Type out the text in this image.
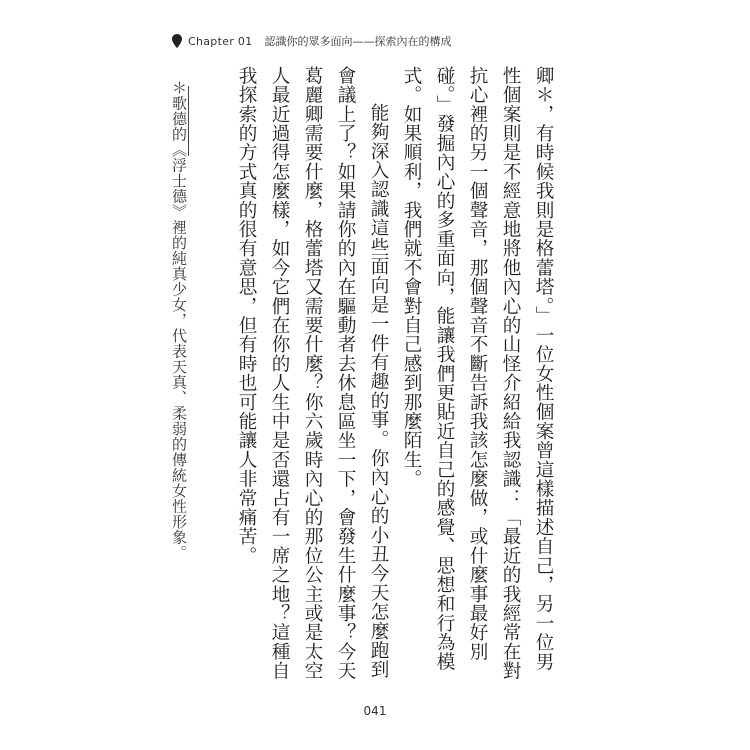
Chapter 01 認識你的眾多面向——探索內在的構成
＊歌德的《浮士德》裡的純真少女，代表天真、柔弱的傳統女性形象。	卿＊，有時候我則是格蕾塔。」一位女性個案曾這樣描述自己，另一位男性個案則是不經意地將他內心的山怪介紹給我認識：「最近的我經常在對抗心裡的另一個聲音，那個聲音不斷告訴我該怎麼做，或什麼事最好別碰。」發掘內心的多重面向，能讓我們更貼近自己的感覺、思想和行為模式。如果順利，我們就不會對自己感到那麼陌生。

能夠深入認識這些面向是一件有趣的事。你內心的小丑今天怎麼跑到會議上了？如果請你的內在驅動者去休息區坐一下，會發生什麼事？今天葛麗卿需要什麼，格蕾塔又需要什麼？你六歲時內心的那位公主或是太空人最近過得怎麼樣，如今它們在你的人生中是否還占有一席之地？這種自我探索的方式真的很有意思，但有時也可能讓人非常痛苦。

041
